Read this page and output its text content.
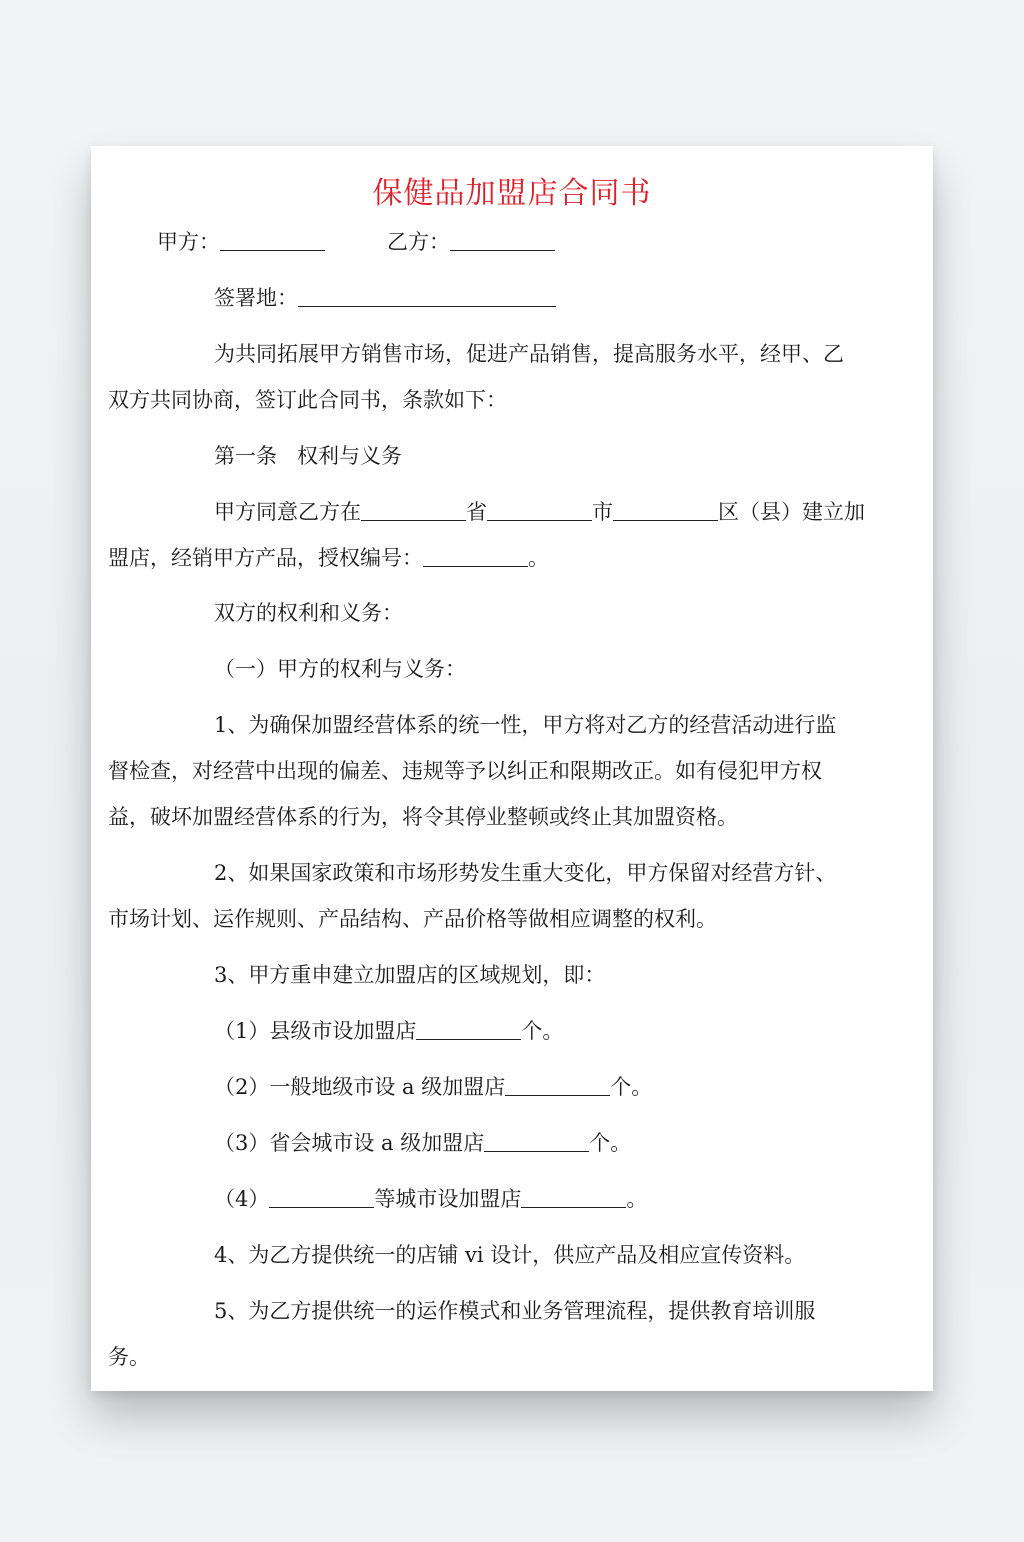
保健品加盟店合同书

甲方：	乙方：

签署地：

为共同拓展甲方销售市场，促进产品销售，提高服务水平，经甲、乙

双方共同协商，签订此合同书，条款如下：

第一条 权利与义务

甲方同意乙方在	省	市	区（县）建立加

盟店，经销甲方产品，授权编号：	。

双方的权利和义务：

（一）甲方的权利与义务：

1、为确保加盟经营体系的统一性，甲方将对乙方的经营活动进行监

督检查，对经营中出现的偏差、违规等予以纠正和限期改正。如有侵犯甲方权

益，破坏加盟经营体系的行为，将令其停业整顿或终止其加盟资格。

2、如果国家政策和市场形势发生重大变化，甲方保留对经营方针、

市场计划、运作规则、产品结构、产品价格等做相应调整的权利。

3、甲方重申建立加盟店的区域规划，即：

（1）县级市设加盟店	个。

（2）一般地级市设 a 级加盟店	个。

（3）省会城市设 a 级加盟店	个。

（4）	等城市设加盟店	。

4、为乙方提供统一的店铺 vi 设计，供应产品及相应宣传资料。

5、为乙方提供统一的运作模式和业务管理流程，提供教育培训服

务。
